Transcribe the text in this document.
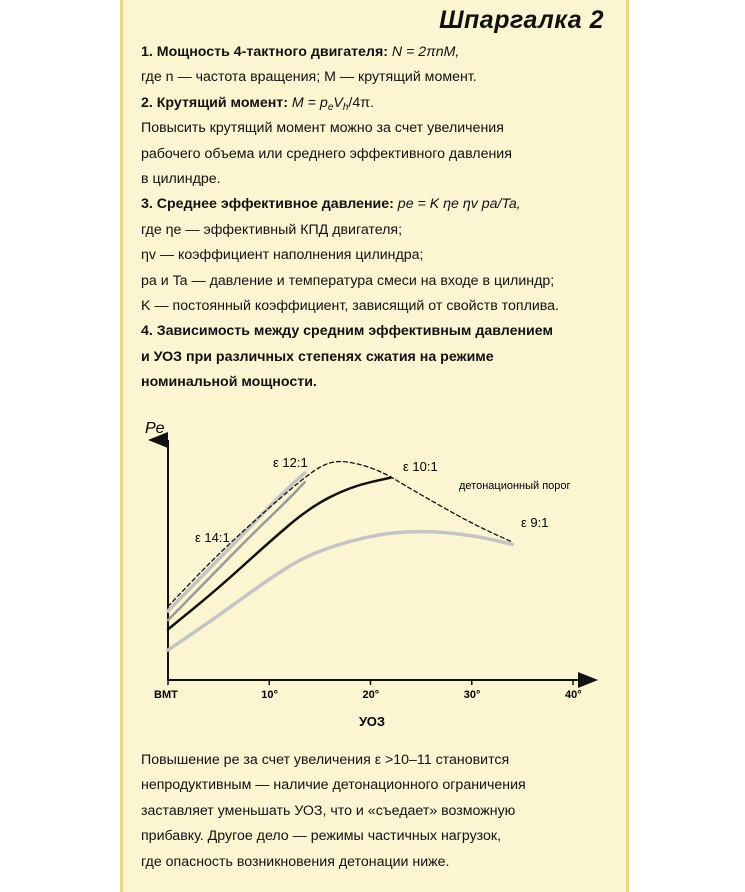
Шпаргалка 2

1. Мощность 4-тактного двигателя: N = 2πnM,

где n — частота вращения; M — крутящий момент.

2. Крутящий момент: $M = p_eV_h/4\pi$.

Повысить крутящий момент можно за счет увеличения

рабочего объема или среднего эффективного давления

в цилиндре.

3. Среднее эффективное давление: pe = K ηe ηv pa/Ta,

где ηe — эффективный КПД двигателя;

ηv — коэффициент наполнения цилиндра;

pa и Ta — давление и температура смеси на входе в цилиндр;

K — постоянный коэффициент, зависящий от свойств топлива.

4. Зависимость между средним эффективным давлением

и УОЗ при различных степенях сжатия на режиме

номинальной мощности.

Pe
УОЗ
ВМТ	10°	20°	30°	40°
ε 14:1
ε 12:1	ε 10:1
ε 9:1
детонационный порог

Повышение pe за счет увеличения ε >10–11 становится

непродуктивным — наличие детонационного ограничения

заставляет уменьшать УОЗ, что и «съедает» возможную

прибавку. Другое дело — режимы частичных нагрузок,

где опасность возникновения детонации ниже.
